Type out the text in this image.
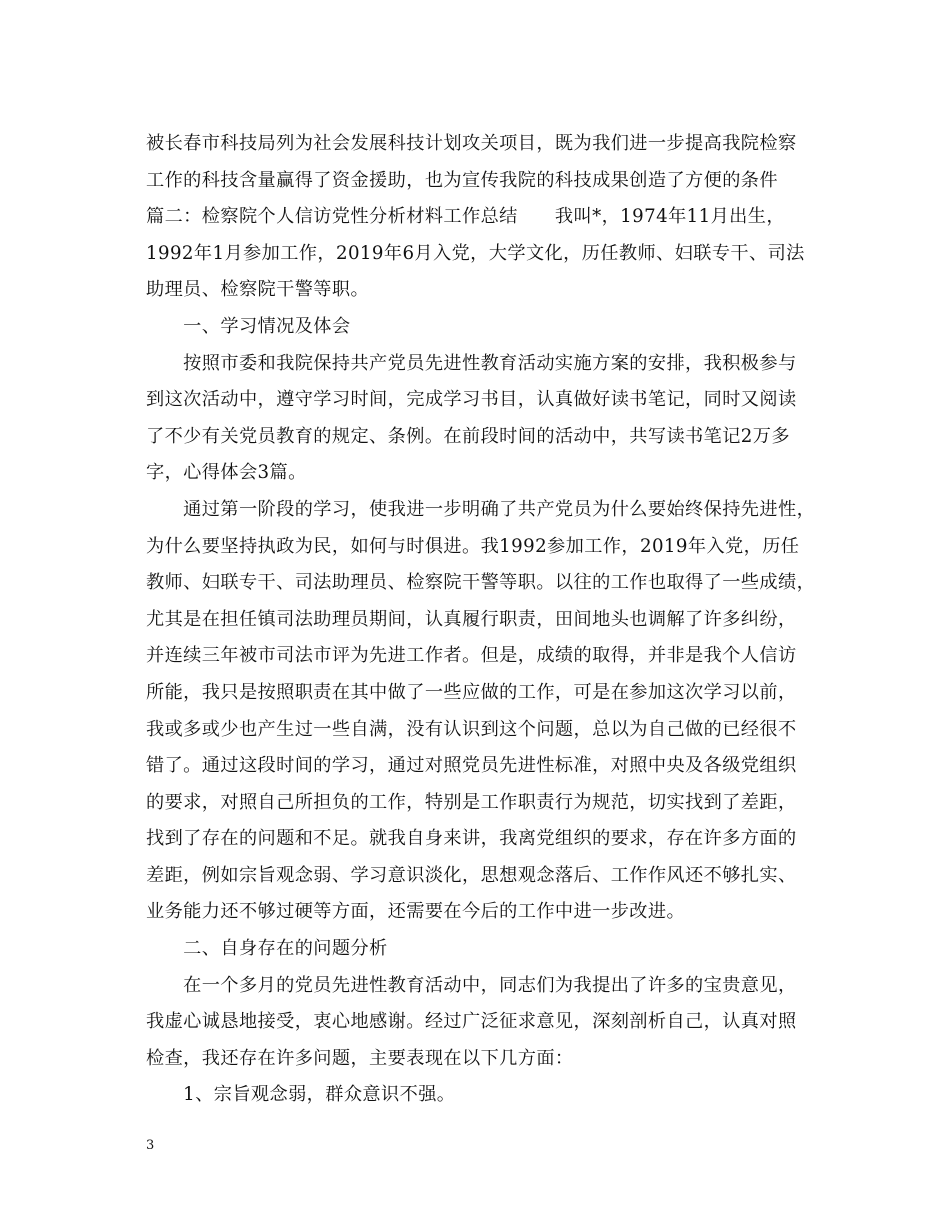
被长春市科技局列为社会发展科技计划攻关项目，既为我们进一步提高我院检察
工作的科技含量赢得了资金援助，也为宣传我院的科技成果创造了方便的条件
篇二：检察院个人信访党性分析材料工作总结　　我叫*，1974年11月出生，
1992年1月参加工作，2019年6月入党，大学文化，历任教师、妇联专干、司法
助理员、检察院干警等职。
　　一、学习情况及体会
　　按照市委和我院保持共产党员先进性教育活动实施方案的安排，我积极参与
到这次活动中，遵守学习时间，完成学习书目，认真做好读书笔记，同时又阅读
了不少有关党员教育的规定、条例。在前段时间的活动中，共写读书笔记2万多
字，心得体会3篇。
　　通过第一阶段的学习，使我进一步明确了共产党员为什么要始终保持先进性，
为什么要坚持执政为民，如何与时俱进。我1992参加工作，2019年入党，历任
教师、妇联专干、司法助理员、检察院干警等职。以往的工作也取得了一些成绩，
尤其是在担任镇司法助理员期间，认真履行职责，田间地头也调解了许多纠纷，
并连续三年被市司法市评为先进工作者。但是，成绩的取得，并非是我个人信访
所能，我只是按照职责在其中做了一些应做的工作，可是在参加这次学习以前，
我或多或少也产生过一些自满，没有认识到这个问题，总以为自己做的已经很不
错了。通过这段时间的学习，通过对照党员先进性标准，对照中央及各级党组织
的要求，对照自己所担负的工作，特别是工作职责行为规范，切实找到了差距，
找到了存在的问题和不足。就我自身来讲，我离党组织的要求，存在许多方面的
差距，例如宗旨观念弱、学习意识淡化，思想观念落后、工作作风还不够扎实、
业务能力还不够过硬等方面，还需要在今后的工作中进一步改进。
　　二、自身存在的问题分析
　　在一个多月的党员先进性教育活动中，同志们为我提出了许多的宝贵意见，
我虚心诚恳地接受，衷心地感谢。经过广泛征求意见，深刻剖析自己，认真对照
检查，我还存在许多问题，主要表现在以下几方面：
　　1、宗旨观念弱，群众意识不强。
3
